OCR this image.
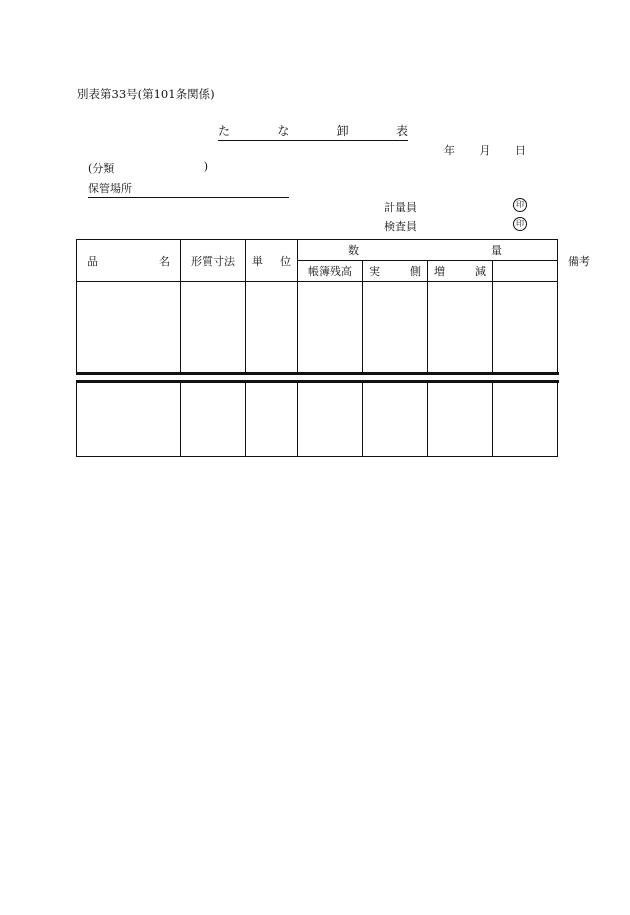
別表第33号(第101条関係)
た	な	卸	表
年 月 日
(分類	)
保管場所
計量員	印
検査員	印
品 名	形質寸法	単 位	数 量				備 考

			帳簿残高	実 側	増 減		
